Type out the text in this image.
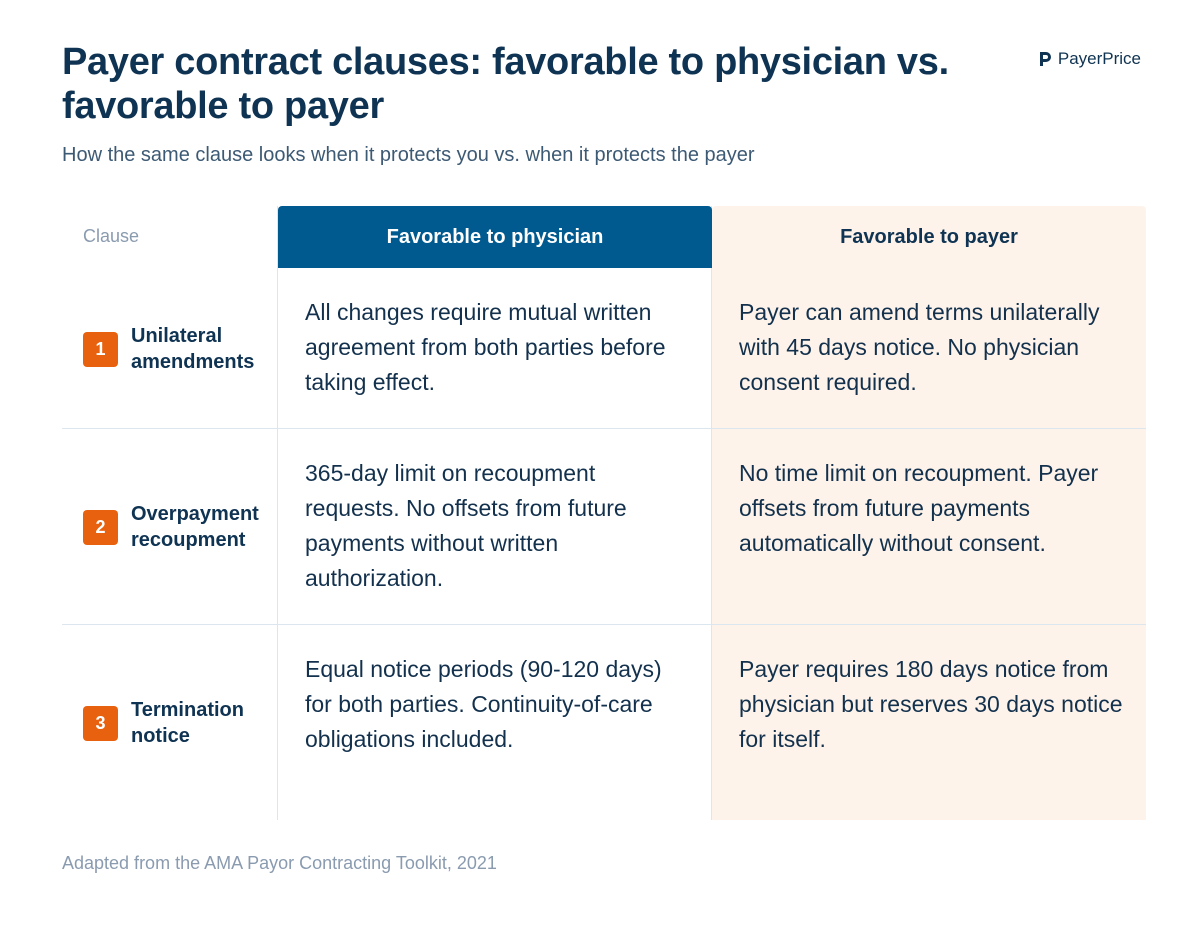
Payer contract clauses: favorable to physician vs. favorable to payer
PayerPrice

How the same clause looks when it protects you vs. when it protects the payer

Clause	Favorable to physician	Favorable to payer
1
Unilateral amendments

All changes require mutual written agreement from both parties before taking effect.

Payer can amend terms unilaterally with 45 days notice. No physician consent required.

2
Overpayment recoupment

365-day limit on recoupment requests. No offsets from future payments without written authorization.

No time limit on recoupment. Payer offsets from future payments automatically without consent.

3
Termination notice

Equal notice periods (90-120 days) for both parties. Continuity-of-care obligations included.

Payer requires 180 days notice from physician but reserves 30 days notice for itself.

Adapted from the AMA Payor Contracting Toolkit, 2021
